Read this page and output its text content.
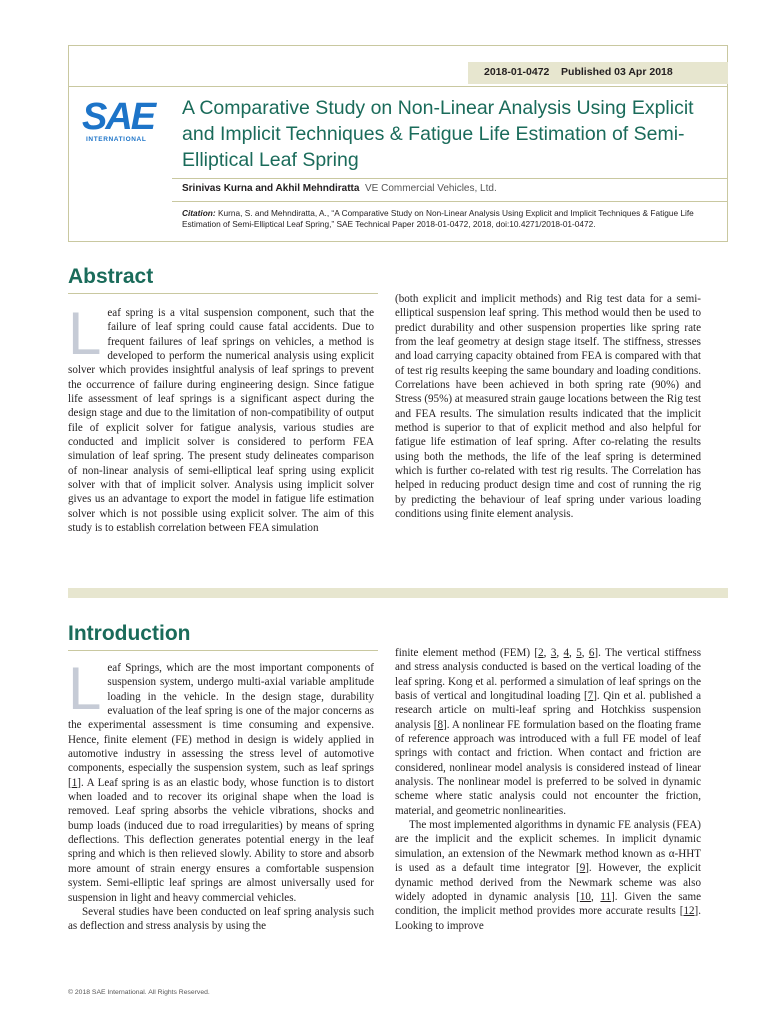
2018-01-0472    Published 03 Apr 2018
SAE
INTERNATIONAL
A Comparative Study on Non-Linear Analysis Using Explicit and Implicit Techniques & Fatigue Life Estimation of Semi-Elliptical Leaf Spring
Srinivas Kurna and Akhil Mehndiratta VE Commercial Vehicles, Ltd.
Citation: Kurna, S. and Mehndiratta, A., “A Comparative Study on Non-Linear Analysis Using Explicit and Implicit Techniques & Fatigue Life Estimation of Semi-Elliptical Leaf Spring,” SAE Technical Paper 2018-01-0472, 2018, doi:10.4271/2018-01-0472.
Abstract

Leaf spring is a vital suspension component, such that the failure of leaf spring could cause fatal accidents. Due to frequent failures of leaf springs on vehicles, a method is developed to perform the numerical analysis using explicit solver which provides insightful analysis of leaf springs to prevent the occurrence of failure during engineering design. Since fatigue life assessment of leaf springs is a significant aspect during the design stage and due to the limitation of non-compatibility of output file of explicit solver for fatigue analysis, various studies are conducted and implicit solver is considered to perform FEA simulation of leaf spring. The present study delineates comparison of non-linear analysis of semi-elliptical leaf spring using explicit solver with that of implicit solver. Analysis using implicit solver gives us an advantage to export the model in fatigue life estimation solver which is not possible using explicit solver. The aim of this study is to establish correlation between FEA simulation

(both explicit and implicit methods) and Rig test data for a semi-elliptical suspension leaf spring. This method would then be used to predict durability and other suspension properties like spring rate from the leaf geometry at design stage itself. The stiffness, stresses and load carrying capacity obtained from FEA is compared with that of test rig results keeping the same boundary and loading conditions. Correlations have been achieved in both spring rate (90%) and Stress (95%) at measured strain gauge locations between the Rig test and FEA results. The simulation results indicated that the implicit method is superior to that of explicit method and also helpful for fatigue life estimation of leaf spring. After co-relating the results using both the methods, the life of the leaf spring is determined which is further co-related with test rig results. The Correlation has helped in reducing product design time and cost of running the rig by predicting the behaviour of leaf spring under various loading conditions using finite element analysis.

Introduction

Leaf Springs, which are the most important components of suspension system, undergo multi-axial variable amplitude loading in the vehicle. In the design stage, durability evaluation of the leaf spring is one of the major concerns as the experimental assessment is time consuming and expensive. Hence, finite element (FE) method in design is widely applied in automotive industry in assessing the stress level of automotive components, especially the suspension system, such as leaf springs [1]. A Leaf spring is as an elastic body, whose function is to distort when loaded and to recover its original shape when the load is removed. Leaf spring absorbs the vehicle vibrations, shocks and bump loads (induced due to road irregularities) by means of spring deflections. This deflection generates potential energy in the leaf spring and which is then relieved slowly. Ability to store and absorb more amount of strain energy ensures a comfortable suspension system. Semi-elliptic leaf springs are almost universally used for suspension in light and heavy commercial vehicles.

Several studies have been conducted on leaf spring analysis such as deflection and stress analysis by using the

finite element method (FEM) [2, 3, 4, 5, 6]. The vertical stiffness and stress analysis conducted is based on the vertical loading of the leaf spring. Kong et al. performed a simulation of leaf springs on the basis of vertical and longitudinal loading [7]. Qin et al. published a research article on multi-leaf spring and Hotchkiss suspension analysis [8]. A nonlinear FE formulation based on the floating frame of reference approach was introduced with a full FE model of leaf springs with contact and friction. When contact and friction are considered, nonlinear model analysis is considered instead of linear analysis. The nonlinear model is preferred to be solved in dynamic scheme where static analysis could not encounter the friction, material, and geometric nonlinearities.

The most implemented algorithms in dynamic FE analysis (FEA) are the implicit and the explicit schemes. In implicit dynamic simulation, an extension of the Newmark method known as α-HHT is used as a default time integrator [9]. However, the explicit dynamic method derived from the Newmark scheme was also widely adopted in dynamic analysis [10, 11]. Given the same condition, the implicit method provides more accurate results [12]. Looking to improve

© 2018 SAE International. All Rights Reserved.
